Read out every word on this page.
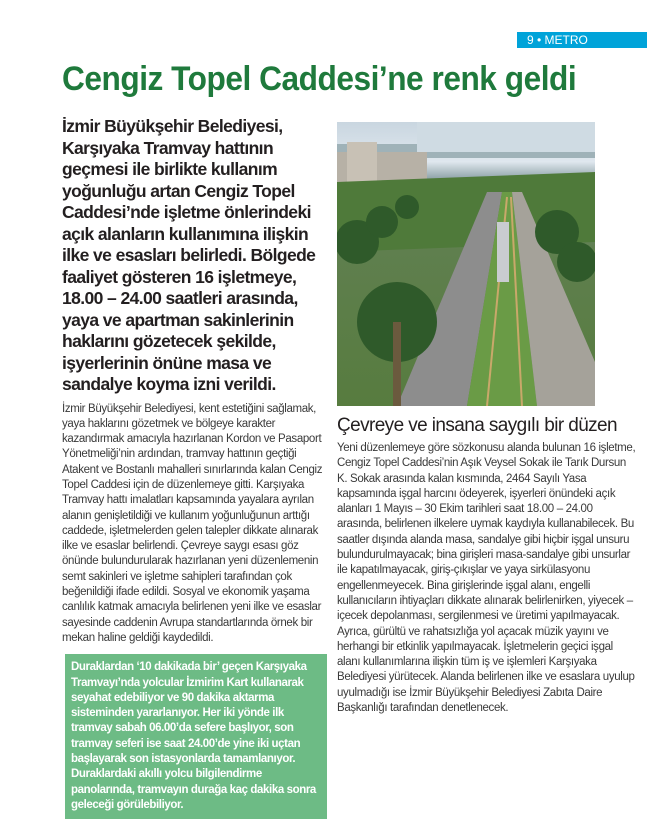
9 • METRO
Cengiz Topel Caddesi’ne renk geldi

İzmir Büyükşehir Belediyesi, Karşıyaka Tramvay hattının geçmesi ile birlikte kullanım yoğunluğu artan Cengiz Topel Caddesi’nde işletme önlerindeki açık alanların kullanımına ilişkin ilke ve esasları belirledi. Bölgede faaliyet gösteren 16 işletmeye, 18.00 – 24.00 saatleri arasında, yaya ve apartman sakinlerinin haklarını gözetecek şekilde, işyerlerinin önüne masa ve sandalye koyma izni verildi.

İzmir Büyükşehir Belediyesi, kent estetiğini sağlamak, yaya haklarını gözetmek ve bölgeye karakter kazandırmak amacıyla hazırlanan Kordon ve Pasaport Yönetmeliği’nin ardından, tramvay hattının geçtiği Atakent ve Bostanlı mahalleri sınırlarında kalan Cengiz Topel Caddesi için de düzenlemeye gitti. Karşıyaka Tramvay hattı imalatları kapsamında yayalara ayrılan alanın genişletildiği ve kullanım yoğunluğunun arttığı caddede, işletmelerden gelen talepler dikkate alınarak ilke ve esaslar belirlendi. Çevreye saygı esası göz önünde bulundurularak hazırlanan yeni düzenlemenin semt sakinleri ve işletme sahipleri tarafından çok beğenildiği ifade edildi. Sosyal ve ekonomik yaşama canlılık katmak amacıyla belirlenen yeni ilke ve esaslar sayesinde caddenin Avrupa standartlarında örnek bir mekan haline geldiği kaydedildi.

Duraklardan ‘10 dakikada bir’ geçen Karşıyaka Tramvayı’nda yolcular İzmirim Kart kullanarak seyahat edebiliyor ve 90 dakika aktarma sisteminden yararlanıyor. Her iki yönde ilk tramvay sabah 06.00’da sefere başlıyor, son tramvay seferi ise saat 24.00’de yine iki uçtan başlayarak son istasyonlarda tamamlanıyor. Duraklardaki akıllı yolcu bilgilendirme panolarında, tramvayın durağa kaç dakika sonra geleceği görülebiliyor.

Çevreye ve insana saygılı bir düzen

Yeni düzenlemeye göre sözkonusu alanda bulunan 16 işletme, Cengiz Topel Caddesi’nin Aşık Veysel Sokak ile Tarık Dursun K. Sokak arasında kalan kısmında, 2464 Sayılı Yasa kapsamında işgal harcını ödeyerek, işyerleri önündeki açık alanları 1 Mayıs – 30 Ekim tarihleri saat 18.00 – 24.00 arasında, belirlenen ilkelere uymak kaydıyla kullanabilecek. Bu saatler dışında alanda masa, sandalye gibi hiçbir işgal unsuru bulundurulmayacak; bina girişleri masa-sandalye gibi unsurlar ile kapatılmayacak, giriş-çıkışlar ve yaya sirkülasyonu engellenmeyecek. Bina girişlerinde işgal alanı, engelli kullanıcıların ihtiyaçları dikkate alınarak belirlenirken, yiyecek –içecek depolanması, sergilenmesi ve üretimi yapılmayacak. Ayrıca, gürültü ve rahatsızlığa yol açacak müzik yayını ve herhangi bir etkinlik yapılmayacak. İşletmelerin geçici işgal alanı kullanımlarına ilişkin tüm iş ve işlemleri Karşıyaka Belediyesi yürütecek. Alanda belirlenen ilke ve esaslara uyulup uyulmadığı ise İzmir Büyükşehir Belediyesi Zabıta Daire Başkanlığı tarafından denetlenecek.
